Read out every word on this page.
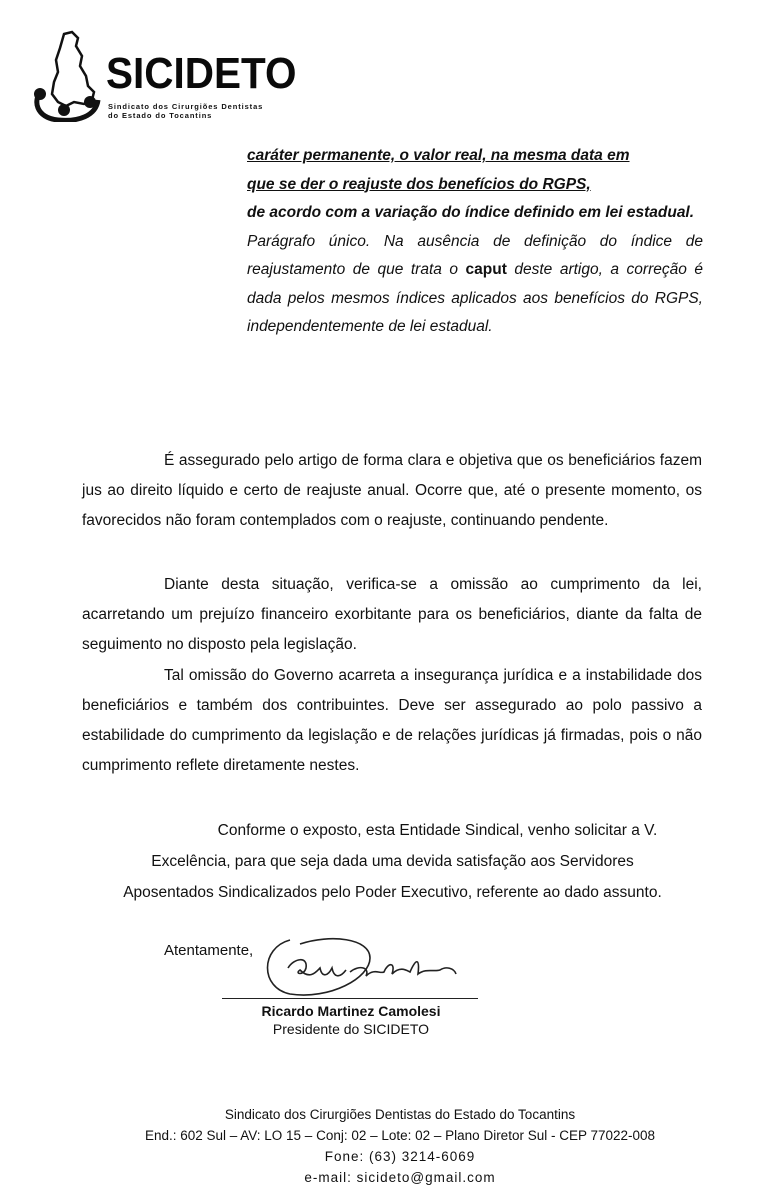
SICIDETO
Sindicato dos Cirurgiões Dentistas
do Estado do Tocantins

caráter permanente, o valor real, na mesma data em

que se der o reajuste dos benefícios do RGPS,

de acordo com a variação do índice definido em lei estadual.

Parágrafo único. Na ausência de definição do índice de reajustamento de que trata o caput deste artigo, a correção é dada pelos mesmos índices aplicados aos benefícios do RGPS, independentemente de lei estadual.

É assegurado pelo artigo de forma clara e objetiva que os beneficiários fazem jus ao direito líquido e certo de reajuste anual. Ocorre que, até o presente momento, os favorecidos não foram contemplados com o reajuste, continuando pendente.

Diante desta situação, verifica-se a omissão ao cumprimento da lei, acarretando um prejuízo financeiro exorbitante para os beneficiários, diante da falta de seguimento no disposto pela legislação.

Tal omissão do Governo acarreta a insegurança jurídica e a instabilidade dos beneficiários e também dos contribuintes. Deve ser assegurado ao polo passivo a estabilidade do cumprimento da legislação e de relações jurídicas já firmadas, pois o não cumprimento reflete diretamente nestes.

Conforme o exposto, esta Entidade Sindical, venho solicitar a V.
Excelência, para que seja dada uma devida satisfação aos Servidores
Aposentados Sindicalizados pelo Poder Executivo, referente ao dado assunto.
Atentamente,
Ricardo Martinez Camolesi
Presidente do SICIDETO
Sindicato dos Cirurgiões Dentistas do Estado do Tocantins
End.: 602 Sul – AV: LO 15 – Conj: 02 – Lote: 02 – Plano Diretor Sul - CEP 77022-008
Fone: (63) 3214-6069
e-mail: sicideto@gmail.com
